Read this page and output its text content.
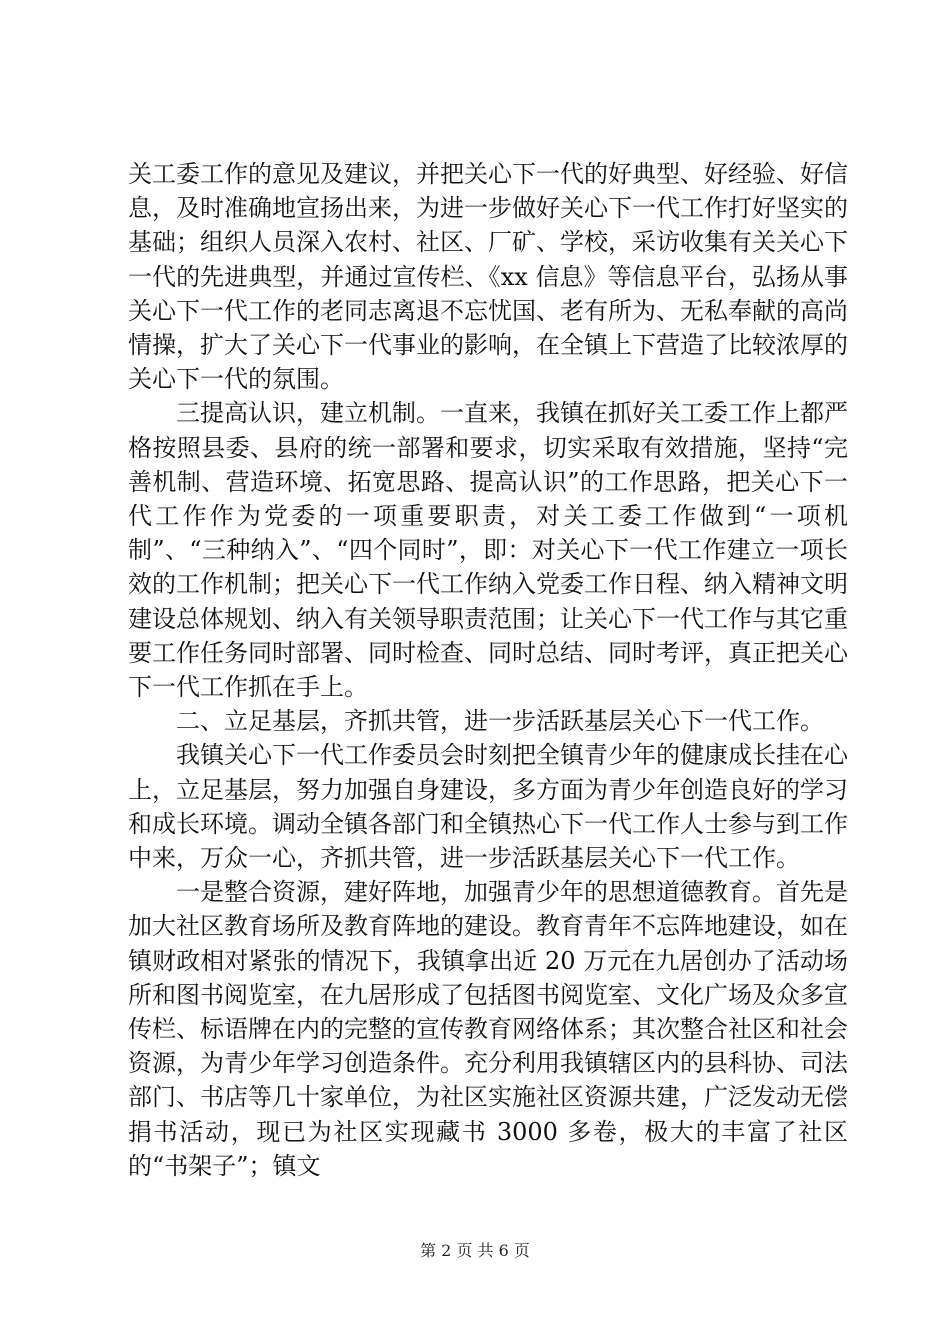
关工委工作的意见及建议，并把关心下一代的好典型、好经验、好信息，及时准确地宣扬出来，为进一步做好关心下一代工作打好坚实的基础；组织人员深入农村、社区、厂矿、学校，采访收集有关关心下一代的先进典型，并通过宣传栏、《xx 信息》等信息平台，弘扬从事关心下一代工作的老同志离退不忘忧国、老有所为、无私奉献的高尚情操，扩大了关心下一代事业的影响，在全镇上下营造了比较浓厚的关心下一代的氛围。

三提高认识，建立机制。一直来，我镇在抓好关工委工作上都严格按照县委、县府的统一部署和要求，切实采取有效措施，坚持“完善机制、营造环境、拓宽思路、提高认识”的工作思路，把关心下一代工作作为党委的一项重要职责，对关工委工作做到“一项机制”、“三种纳入”、“四个同时”，即：对关心下一代工作建立一项长效的工作机制；把关心下一代工作纳入党委工作日程、纳入精神文明建设总体规划、纳入有关领导职责范围；让关心下一代工作与其它重要工作任务同时部署、同时检查、同时总结、同时考评，真正把关心下一代工作抓在手上。

二、立足基层，齐抓共管，进一步活跃基层关心下一代工作。

我镇关心下一代工作委员会时刻把全镇青少年的健康成长挂在心上，立足基层，努力加强自身建设，多方面为青少年创造良好的学习和成长环境。调动全镇各部门和全镇热心下一代工作人士参与到工作中来，万众一心，齐抓共管，进一步活跃基层关心下一代工作。

一是整合资源，建好阵地，加强青少年的思想道德教育。首先是加大社区教育场所及教育阵地的建设。教育青年不忘阵地建设，如在镇财政相对紧张的情况下，我镇拿出近 20 万元在九居创办了活动场所和图书阅览室，在九居形成了包括图书阅览室、文化广场及众多宣传栏、标语牌在内的完整的宣传教育网络体系；其次整合社区和社会资源，为青少年学习创造条件。充分利用我镇辖区内的县科协、司法部门、书店等几十家单位，为社区实施社区资源共建，广泛发动无偿捐书活动，现已为社区实现藏书 3000 多卷，极大的丰富了社区的“书架子”；镇文

第 2 页 共 6 页
